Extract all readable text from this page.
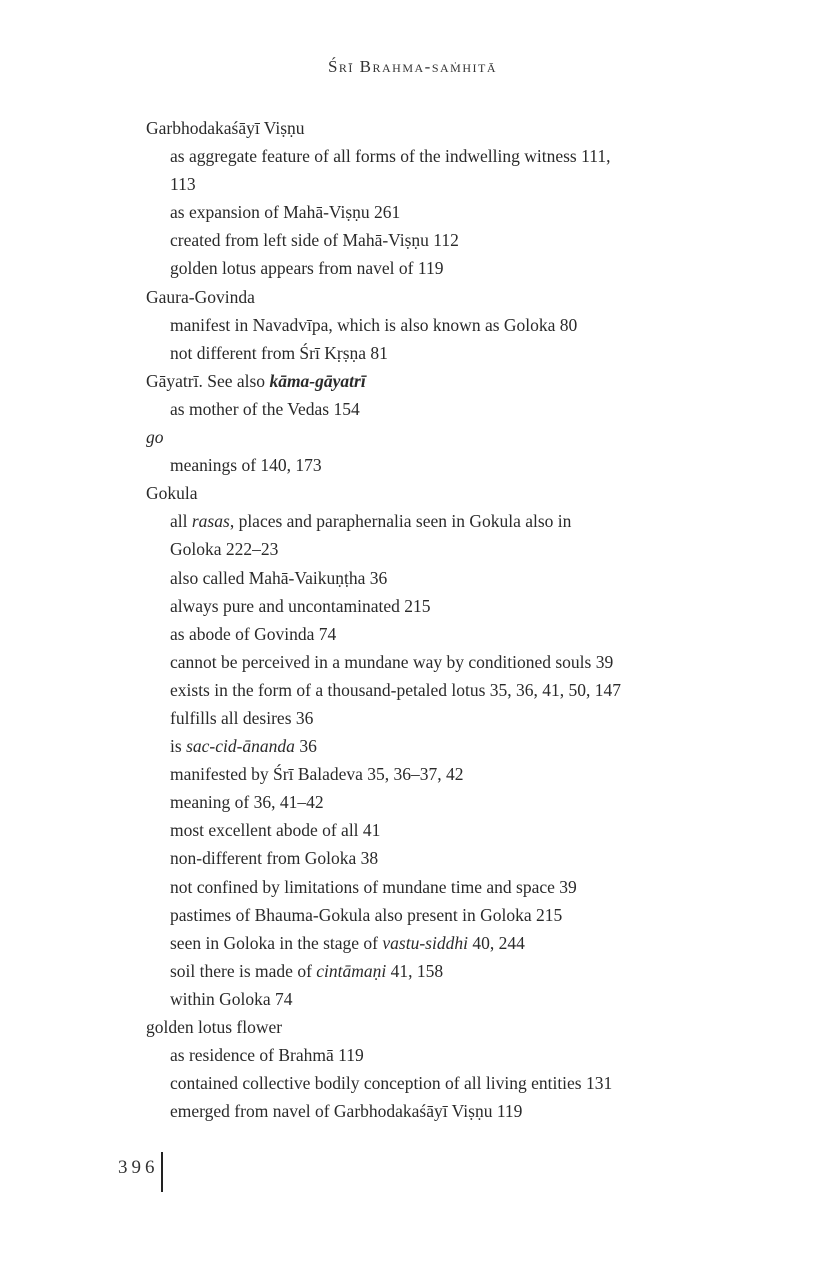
Śrī Brahma-saṁhitā
Garbhodakaśāyī Viṣṇu
as aggregate feature of all forms of the indwelling witness 111,
113
as expansion of Mahā-Viṣṇu 261
created from left side of Mahā-Viṣṇu 112
golden lotus appears from navel of 119
Gaura-Govinda
manifest in Navadvīpa, which is also known as Goloka 80
not different from Śrī Kṛṣṇa 81
Gāyatrī. See also kāma-gāyatrī
as mother of the Vedas 154
go
meanings of 140, 173
Gokula
all rasas, places and paraphernalia seen in Gokula also in
Goloka 222–23
also called Mahā-Vaikuṇṭha 36
always pure and uncontaminated 215
as abode of Govinda 74
cannot be perceived in a mundane way by conditioned souls 39
exists in the form of a thousand-petaled lotus 35, 36, 41, 50, 147
fulfills all desires 36
is sac-cid-ānanda 36
manifested by Śrī Baladeva 35, 36–37, 42
meaning of 36, 41–42
most excellent abode of all 41
non-different from Goloka 38
not confined by limitations of mundane time and space 39
pastimes of Bhauma-Gokula also present in Goloka 215
seen in Goloka in the stage of vastu-siddhi 40, 244
soil there is made of cintāmaṇi 41, 158
within Goloka 74
golden lotus flower
as residence of Brahmā 119
contained collective bodily conception of all living entities 131
emerged from navel of Garbhodakaśāyī Viṣṇu 119
396
